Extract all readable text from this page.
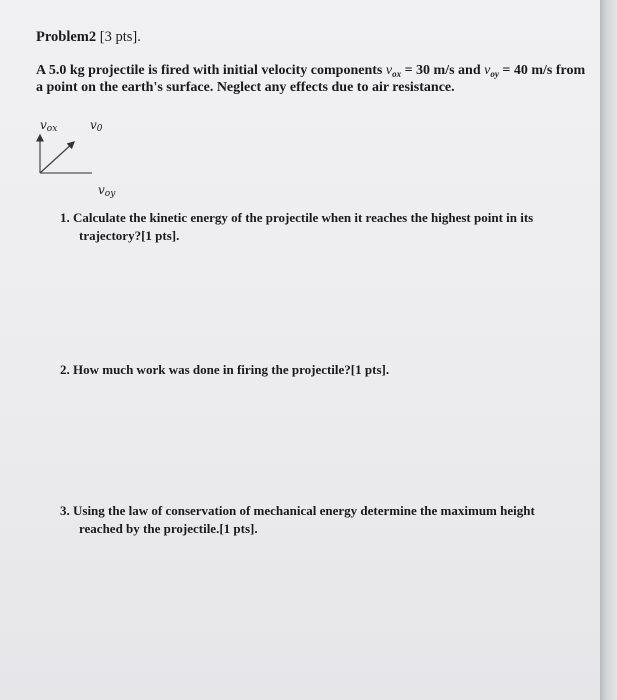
Problem2 [3 pts].
A 5.0 kg projectile is fired with initial velocity components $v_{ox} = 30$ m/s and $v_{oy} = 40$ m/s from
a point on the earth's surface. Neglect any effects due to air resistance.
vox	v0
voy
1. Calculate the kinetic energy of the projectile when it reaches the highest point in its
trajectory?[1 pts].
2. How much work was done in firing the projectile?[1 pts].
3. Using the law of conservation of mechanical energy determine the maximum height
reached by the projectile.[1 pts].
